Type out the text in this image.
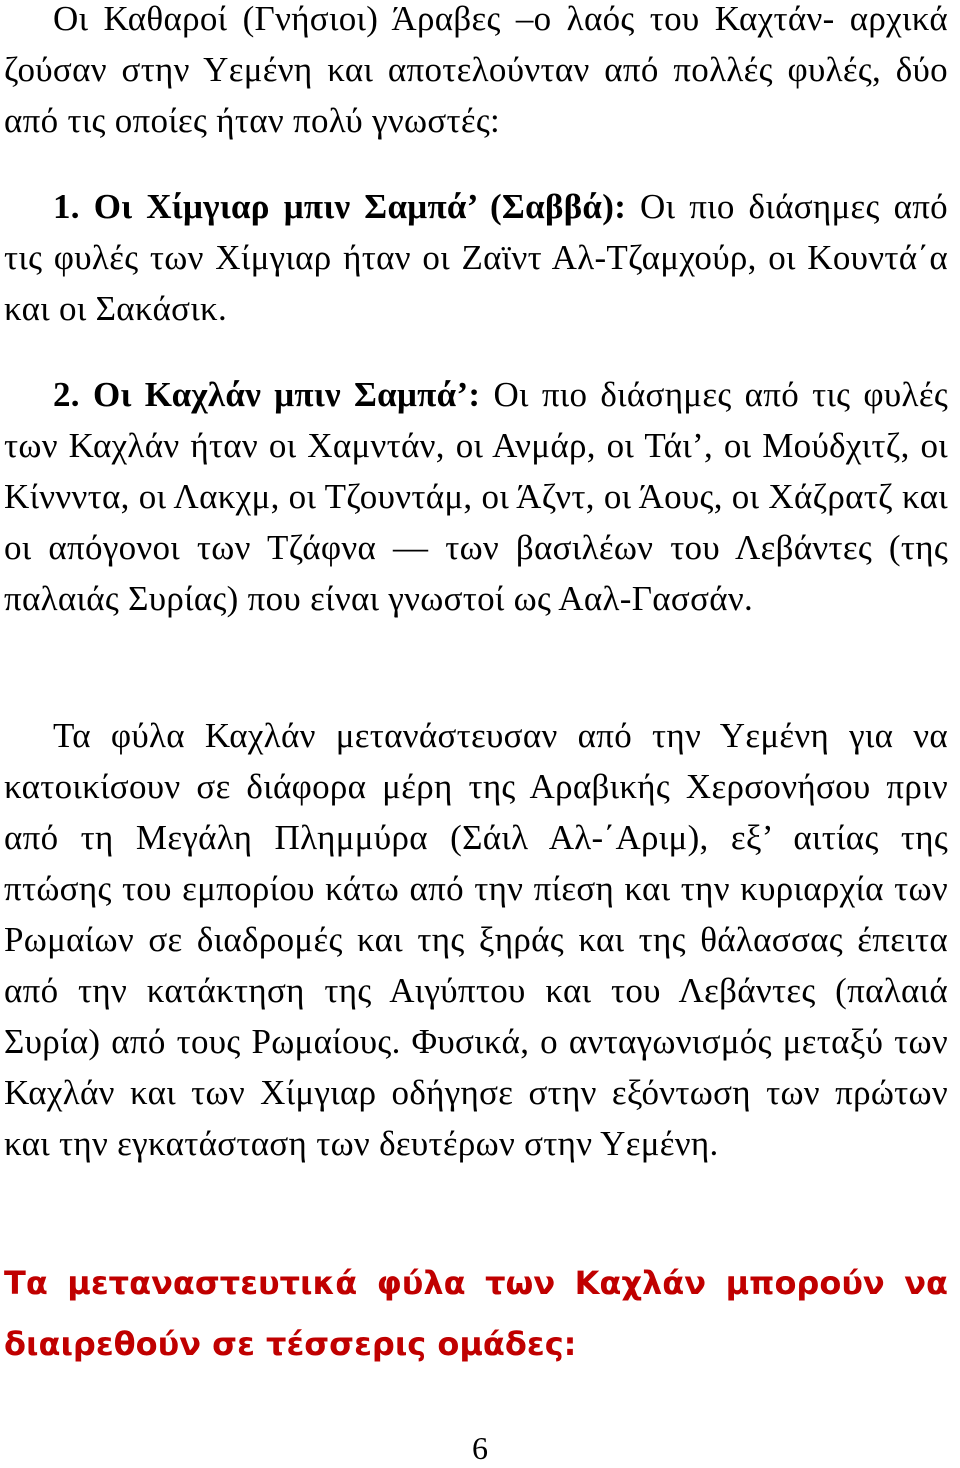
Οι Καθαροί (Γνήσιοι) Άραβες –ο λαός του Καχτάν- αρχικά ζούσαν στην Υεμένη και αποτελούνταν από πολλές φυλές, δύο από τις οποίες ήταν πολύ γνωστές:

1. Οι Χίμγιαρ μπιν Σαμπά’ (Σαββά): Οι πιο διάσημες από τις φυλές των Χίμγιαρ ήταν οι Ζαϊντ Αλ-Τζαμχούρ, οι Κουντά΄α και οι Σακάσικ.

2. Οι Καχλάν μπιν Σαμπά’: Οι πιο διάσημες από τις φυλές των Καχλάν ήταν οι Χαμντάν, οι Ανμάρ, οι Τάι’, οι Μούδχιτζ, οι Κίννντα, οι Λακχμ, οι Τζουντάμ, οι Άζντ, οι Άους, οι Χάζρατζ και οι απόγονοι των Τζάφνα — των βασιλέων του Λεβάντες (της παλαιάς Συρίας) που είναι γνωστοί ως Ααλ-Γασσάν.

Τα φύλα Καχλάν μετανάστευσαν από την Υεμένη για να κατοικίσουν σε διάφορα μέρη της Αραβικής Χερσονήσου πριν από τη Μεγάλη Πλημμύρα (Σάιλ Αλ-΄Αριμ), εξ’ αιτίας της πτώσης του εμπορίου κάτω από την πίεση και την κυριαρχία των Ρωμαίων σε διαδρομές και της ξηράς και της θάλασσας έπειτα από την κατάκτηση της Αιγύπτου και του Λεβάντες (παλαιά Συρία) από τους Ρωμαίους. Φυσικά, ο ανταγωνισμός μεταξύ των Καχλάν και των Χίμγιαρ οδήγησε στην εξόντωση των πρώτων και την εγκατάσταση των δευτέρων στην Υεμένη.

Τα μεταναστευτικά φύλα των Καχλάν μπορούν να διαιρεθούν σε τέσσερις ομάδες:
6
